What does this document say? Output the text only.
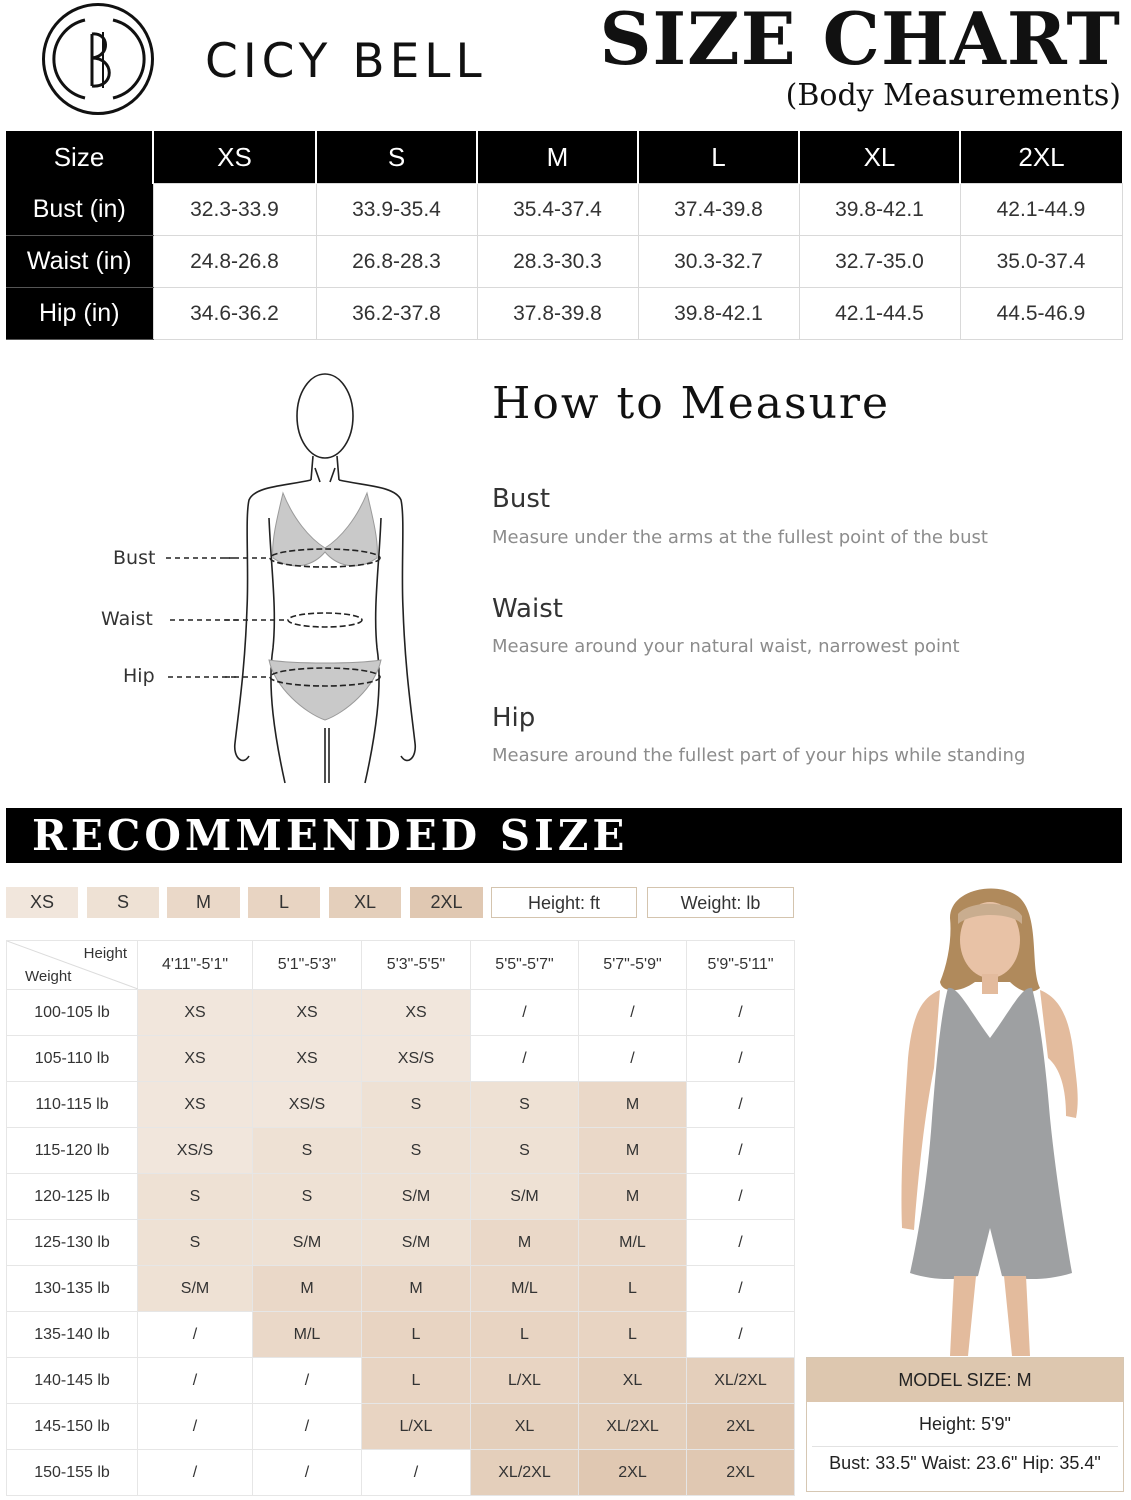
CICY BELL SIZE CHART
(Body Measurements)
Size	XS	S	M	L	XL	2XL
Bust (in)	32.3-33.9	33.9-35.4	35.4-37.4	37.4-39.8	39.8-42.1	42.1-44.9
Waist (in)	24.8-26.8	26.8-28.3	28.3-30.3	30.3-32.7	32.7-35.0	35.0-37.4
Hip (in)	34.6-36.2	36.2-37.8	37.8-39.8	39.8-42.1	42.1-44.5	44.5-46.9
Bust
Waist
Hip
How to Measure
Bust
Measure under the arms at the fullest point of the bust
Waist
Measure around your natural waist, narrowest point
Hip
Measure around the fullest part of your hips while standing
RECOMMENDED SIZE
XS	S	M	L	XL	2XL	Height: ft	Weight: lb
Height
Weight	4'11"-5'1"	5'1"-5'3"	5'3"-5'5"	5'5"-5'7"	5'7"-5'9"	5'9"-5'11"
100-105 lb	XS	XS	XS	/	/	/
105-110 lb	XS	XS	XS/S	/	/	/
110-115 lb	XS	XS/S	S	S	M	/
115-120 lb	XS/S	S	S	S	M	/
120-125 lb	S	S	S/M	S/M	M	/
125-130 lb	S	S/M	S/M	M	M/L	/
130-135 lb	S/M	M	M	M/L	L	/
135-140 lb	/	M/L	L	L	L	/
140-145 lb	/	/	L	L/XL	XL	XL/2XL
145-150 lb	/	/	L/XL	XL	XL/2XL	2XL
150-155 lb	/	/	/	XL/2XL	2XL	2XL
MODEL SIZE: M
Height: 5'9"
Bust: 33.5" Waist: 23.6" Hip: 35.4"
